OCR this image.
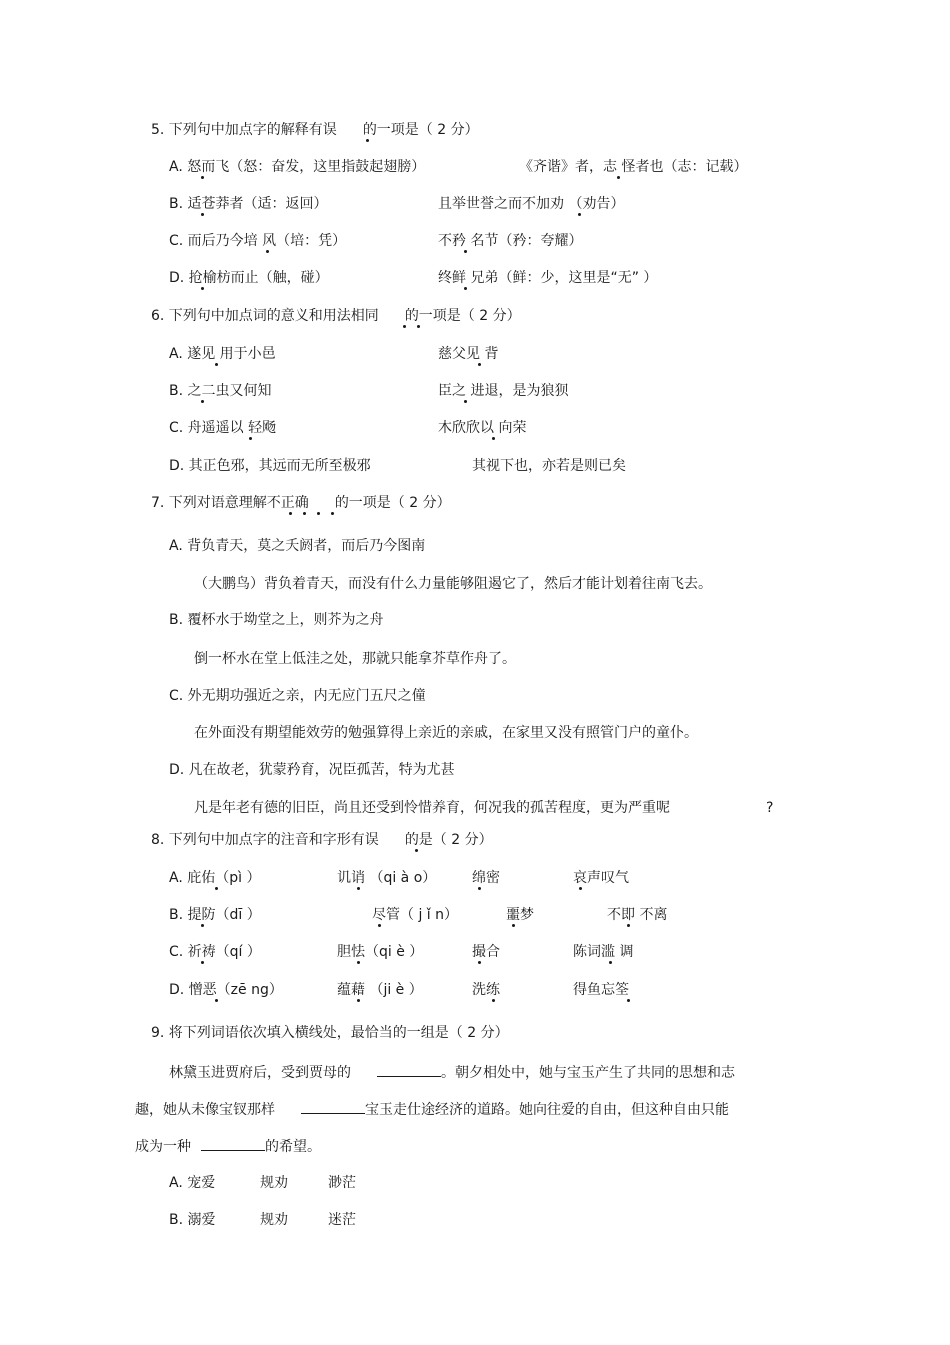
5. 下列句中加点字的解释有误 的一项是（ 2 分）
A. 怒而飞（怒：奋发，这里指鼓起翅膀）	《齐谐》者，志 怪者也（志：记载）
B. 适苍莽者（适：返回）	且举世誉之而不加劝 （劝告）
C. 而后乃今培 风（培：凭）	不矜 名节（矜：夸耀）
D. 抢榆枋而止（触，碰）	终鲜 兄弟（鲜：少，这里是“无” ）
6. 下列句中加点词的意义和用法相同 的一项是（ 2 分）
A. 遂见 用于小邑	慈父见 背
B. 之二虫又何知	臣之 进退，是为狼狈
C. 舟遥遥以 轻飏	木欣欣以 向荣
D. 其正色邪，其远而无所至极邪	其视下也，亦若是则已矣
7. 下列对语意理解不正确 的一项是（ 2 分）
A. 背负青天，莫之夭阏者，而后乃今图南
（大鹏鸟）背负着青天，而没有什么力量能够阻遏它了，然后才能计划着往南飞去。
B. 覆杯水于坳堂之上，则芥为之舟
倒一杯水在堂上低洼之处，那就只能拿芥草作舟了。
C. 外无期功强近之亲，内无应门五尺之僮
在外面没有期望能效劳的勉强算得上亲近的亲戚，在家里又没有照管门户的童仆。
D. 凡在故老，犹蒙矜育，况臣孤苦，特为尤甚
凡是年老有德的旧臣，尚且还受到怜惜养育，何况我的孤苦程度，更为严重呢	?
8. 下列句中加点字的注音和字形有误 的是（ 2 分）
A. 庇佑（pì ）	讥诮 （qi à o）	绵密	哀声叹气
B. 提防（dī ）	尽管（ j ǐ n）	噩梦	不即 不离
C. 祈祷（qí ）	胆怯（qi è ）	撮合	陈词滥 调
D. 憎恶（zē ng）	蕴藉 （ji è ）	洗练	得鱼忘筌
9. 将下列词语依次填入横线处，最恰当的一组是（ 2 分）
林黛玉进贾府后，受到贾母的	。朝夕相处中，她与宝玉产生了共同的思想和志
趣，她从未像宝钗那样	宝玉走仕途经济的道路。她向往爱的自由，但这种自由只能
成为一种	的希望。
A. 宠爱	规劝	渺茫
B. 溺爱	规劝	迷茫
